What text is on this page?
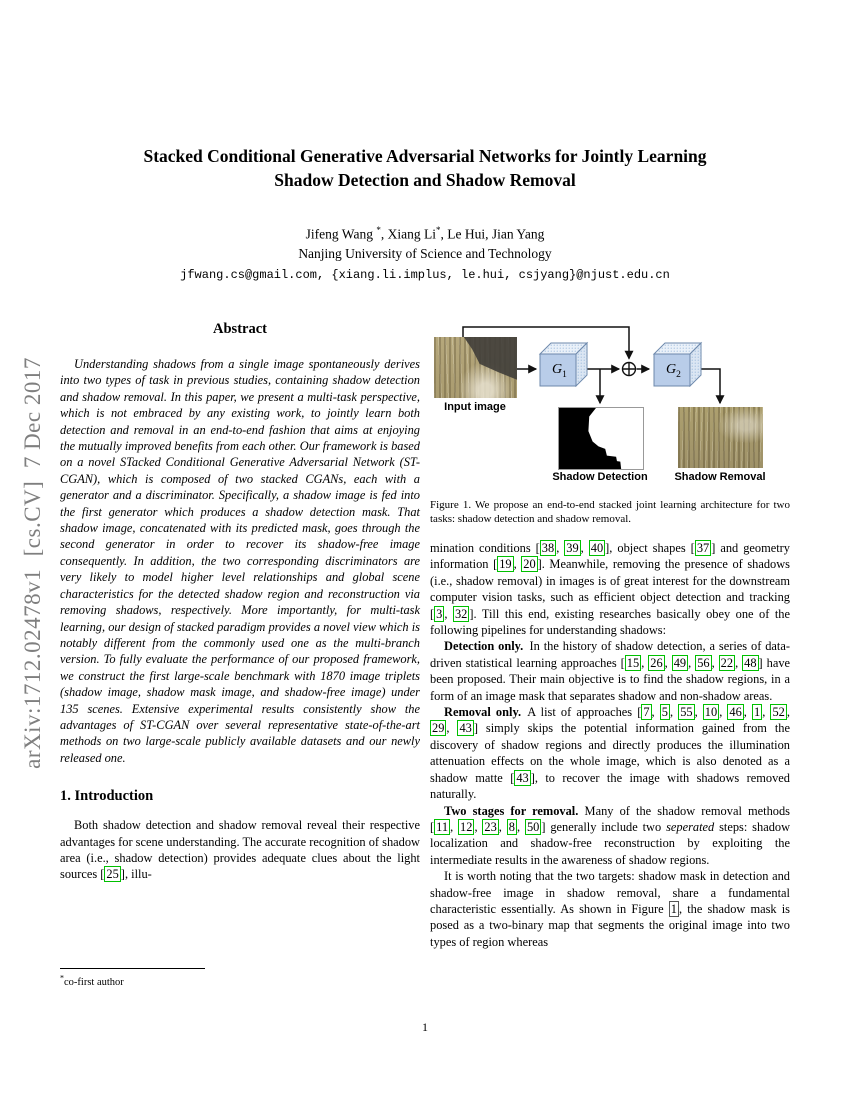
arXiv:1712.02478v1  [cs.CV]  7 Dec 2017
Stacked Conditional Generative Adversarial Networks for Jointly Learning
Shadow Detection and Shadow Removal
Jifeng Wang *, Xiang Li*, Le Hui, Jian Yang
Nanjing University of Science and Technology
jfwang.cs@gmail.com, {xiang.li.implus, le.hui, csjyang}@njust.edu.cn
Abstract

Understanding shadows from a single image spontaneously derives into two types of task in previous studies, containing shadow detection and shadow removal. In this paper, we present a multi-task perspective, which is not embraced by any existing work, to jointly learn both detection and removal in an end-to-end fashion that aims at enjoying the mutually improved benefits from each other. Our framework is based on a novel STacked Conditional Generative Adversarial Network (ST-CGAN), which is composed of two stacked CGANs, each with a generator and a discriminator. Specifically, a shadow image is fed into the first generator which produces a shadow detection mask. That shadow image, concatenated with its predicted mask, goes through the second generator in order to recover its shadow-free image consequently. In addition, the two corresponding discriminators are very likely to model higher level relationships and global scene characteristics for the detected shadow region and reconstruction via removing shadows, respectively. More importantly, for multi-task learning, our design of stacked paradigm provides a novel view which is notably different from the commonly used one as the multi-branch version. To fully evaluate the performance of our proposed framework, we construct the first large-scale benchmark with 1870 image triplets (shadow image, shadow mask image, and shadow-free image) under 135 scenes. Extensive experimental results consistently show the advantages of ST-CGAN over several representative state-of-the-art methods on two large-scale publicly available datasets and our newly released one.

1. Introduction

Both shadow detection and shadow removal reveal their respective advantages for scene understanding. The accurate recognition of shadow area (i.e., shadow detection) provides adequate clues about the light sources [ 25 ], illu-

*co-first author
Input image
$G_1$	$G_2$
Shadow Detection Shadow Removal

Figure 1. We propose an end-to-end stacked joint learning architecture for two tasks: shadow detection and shadow removal.

mination conditions [ 38 , 39 , 40 ], object shapes [ 37 ] and geometry information [ 19 , 20 ]. Meanwhile, removing the presence of shadows (i.e., shadow removal) in images is of great interest for the downstream computer vision tasks, such as efficient object detection and tracking [ 3 , 32 ]. Till this end, existing researches basically obey one of the following pipelines for understanding shadows:

Detection only. In the history of shadow detection, a series of data-driven statistical learning approaches [ 15 , 26 , 49 , 56 , 22 , 48 ] have been proposed. Their main objective is to find the shadow regions, in a form of an image mask that separates shadow and non-shadow areas.

Removal only. A list of approaches [ 7 , 5 , 55 , 10 , 46 , 1 , 52 , 29 , 43 ] simply skips the potential information gained from the discovery of shadow regions and directly produces the illumination attenuation effects on the whole image, which is also denoted as a shadow matte [ 43 ], to recover the image with shadows removed naturally.

Two stages for removal. Many of the shadow removal methods [ 11 , 12 , 23 , 8 , 50 ] generally include two seperated steps: shadow localization and shadow-free reconstruction by exploiting the intermediate results in the awareness of shadow regions.

It is worth noting that the two targets: shadow mask in detection and shadow-free image in shadow removal, share a fundamental characteristic essentially. As shown in Figure 1 , the shadow mask is posed as a two-binary map that segments the original image into two types of region whereas

1
